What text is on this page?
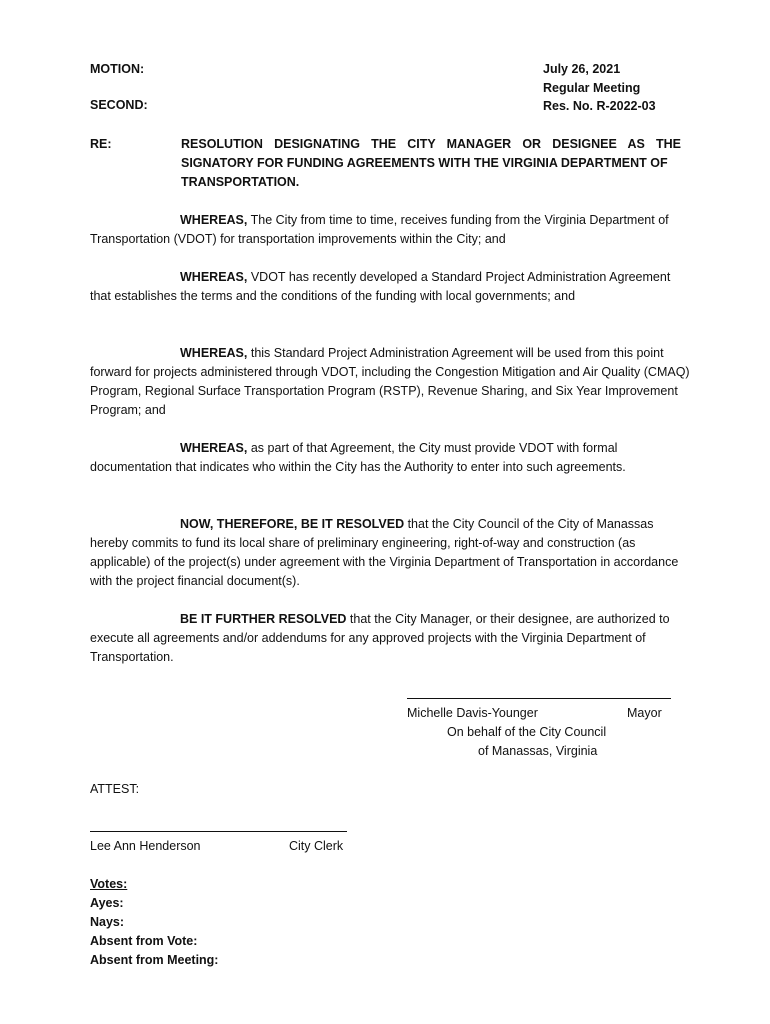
MOTION:
SECOND:
July 26, 2021
Regular Meeting
Res. No. R-2022-03
RE:	RESOLUTION DESIGNATING THE CITY MANAGER OR DESIGNEE AS THE
SIGNATORY FOR FUNDING AGREEMENTS WITH THE VIRGINIA DEPARTMENT OF
TRANSPORTATION.
WHEREAS, The City from time to time, receives funding from the Virginia Department of Transportation (VDOT) for transportation improvements within the City; and
WHEREAS, VDOT has recently developed a Standard Project Administration Agreement that establishes the terms and the conditions of the funding with local governments; and
WHEREAS, this Standard Project Administration Agreement will be used from this point forward for projects administered through VDOT, including the Congestion Mitigation and Air Quality (CMAQ) Program, Regional Surface Transportation Program (RSTP), Revenue Sharing, and Six Year Improvement Program; and
WHEREAS, as part of that Agreement, the City must provide VDOT with formal documentation that indicates who within the City has the Authority to enter into such agreements.
NOW, THEREFORE, BE IT RESOLVED that the City Council of the City of Manassas hereby commits to fund its local share of preliminary engineering, right-of-way and construction (as applicable) of the project(s) under agreement with the Virginia Department of Transportation in accordance with the project financial document(s).
BE IT FURTHER RESOLVED that the City Manager, or their designee, are authorized to execute all agreements and/or addendums for any approved projects with the Virginia Department of Transportation.
Michelle Davis-Younger	Mayor
On behalf of the City Council
of Manassas, Virginia
ATTEST:
Lee Ann Henderson	City Clerk
Votes:
Ayes:
Nays:
Absent from Vote:
Absent from Meeting:
